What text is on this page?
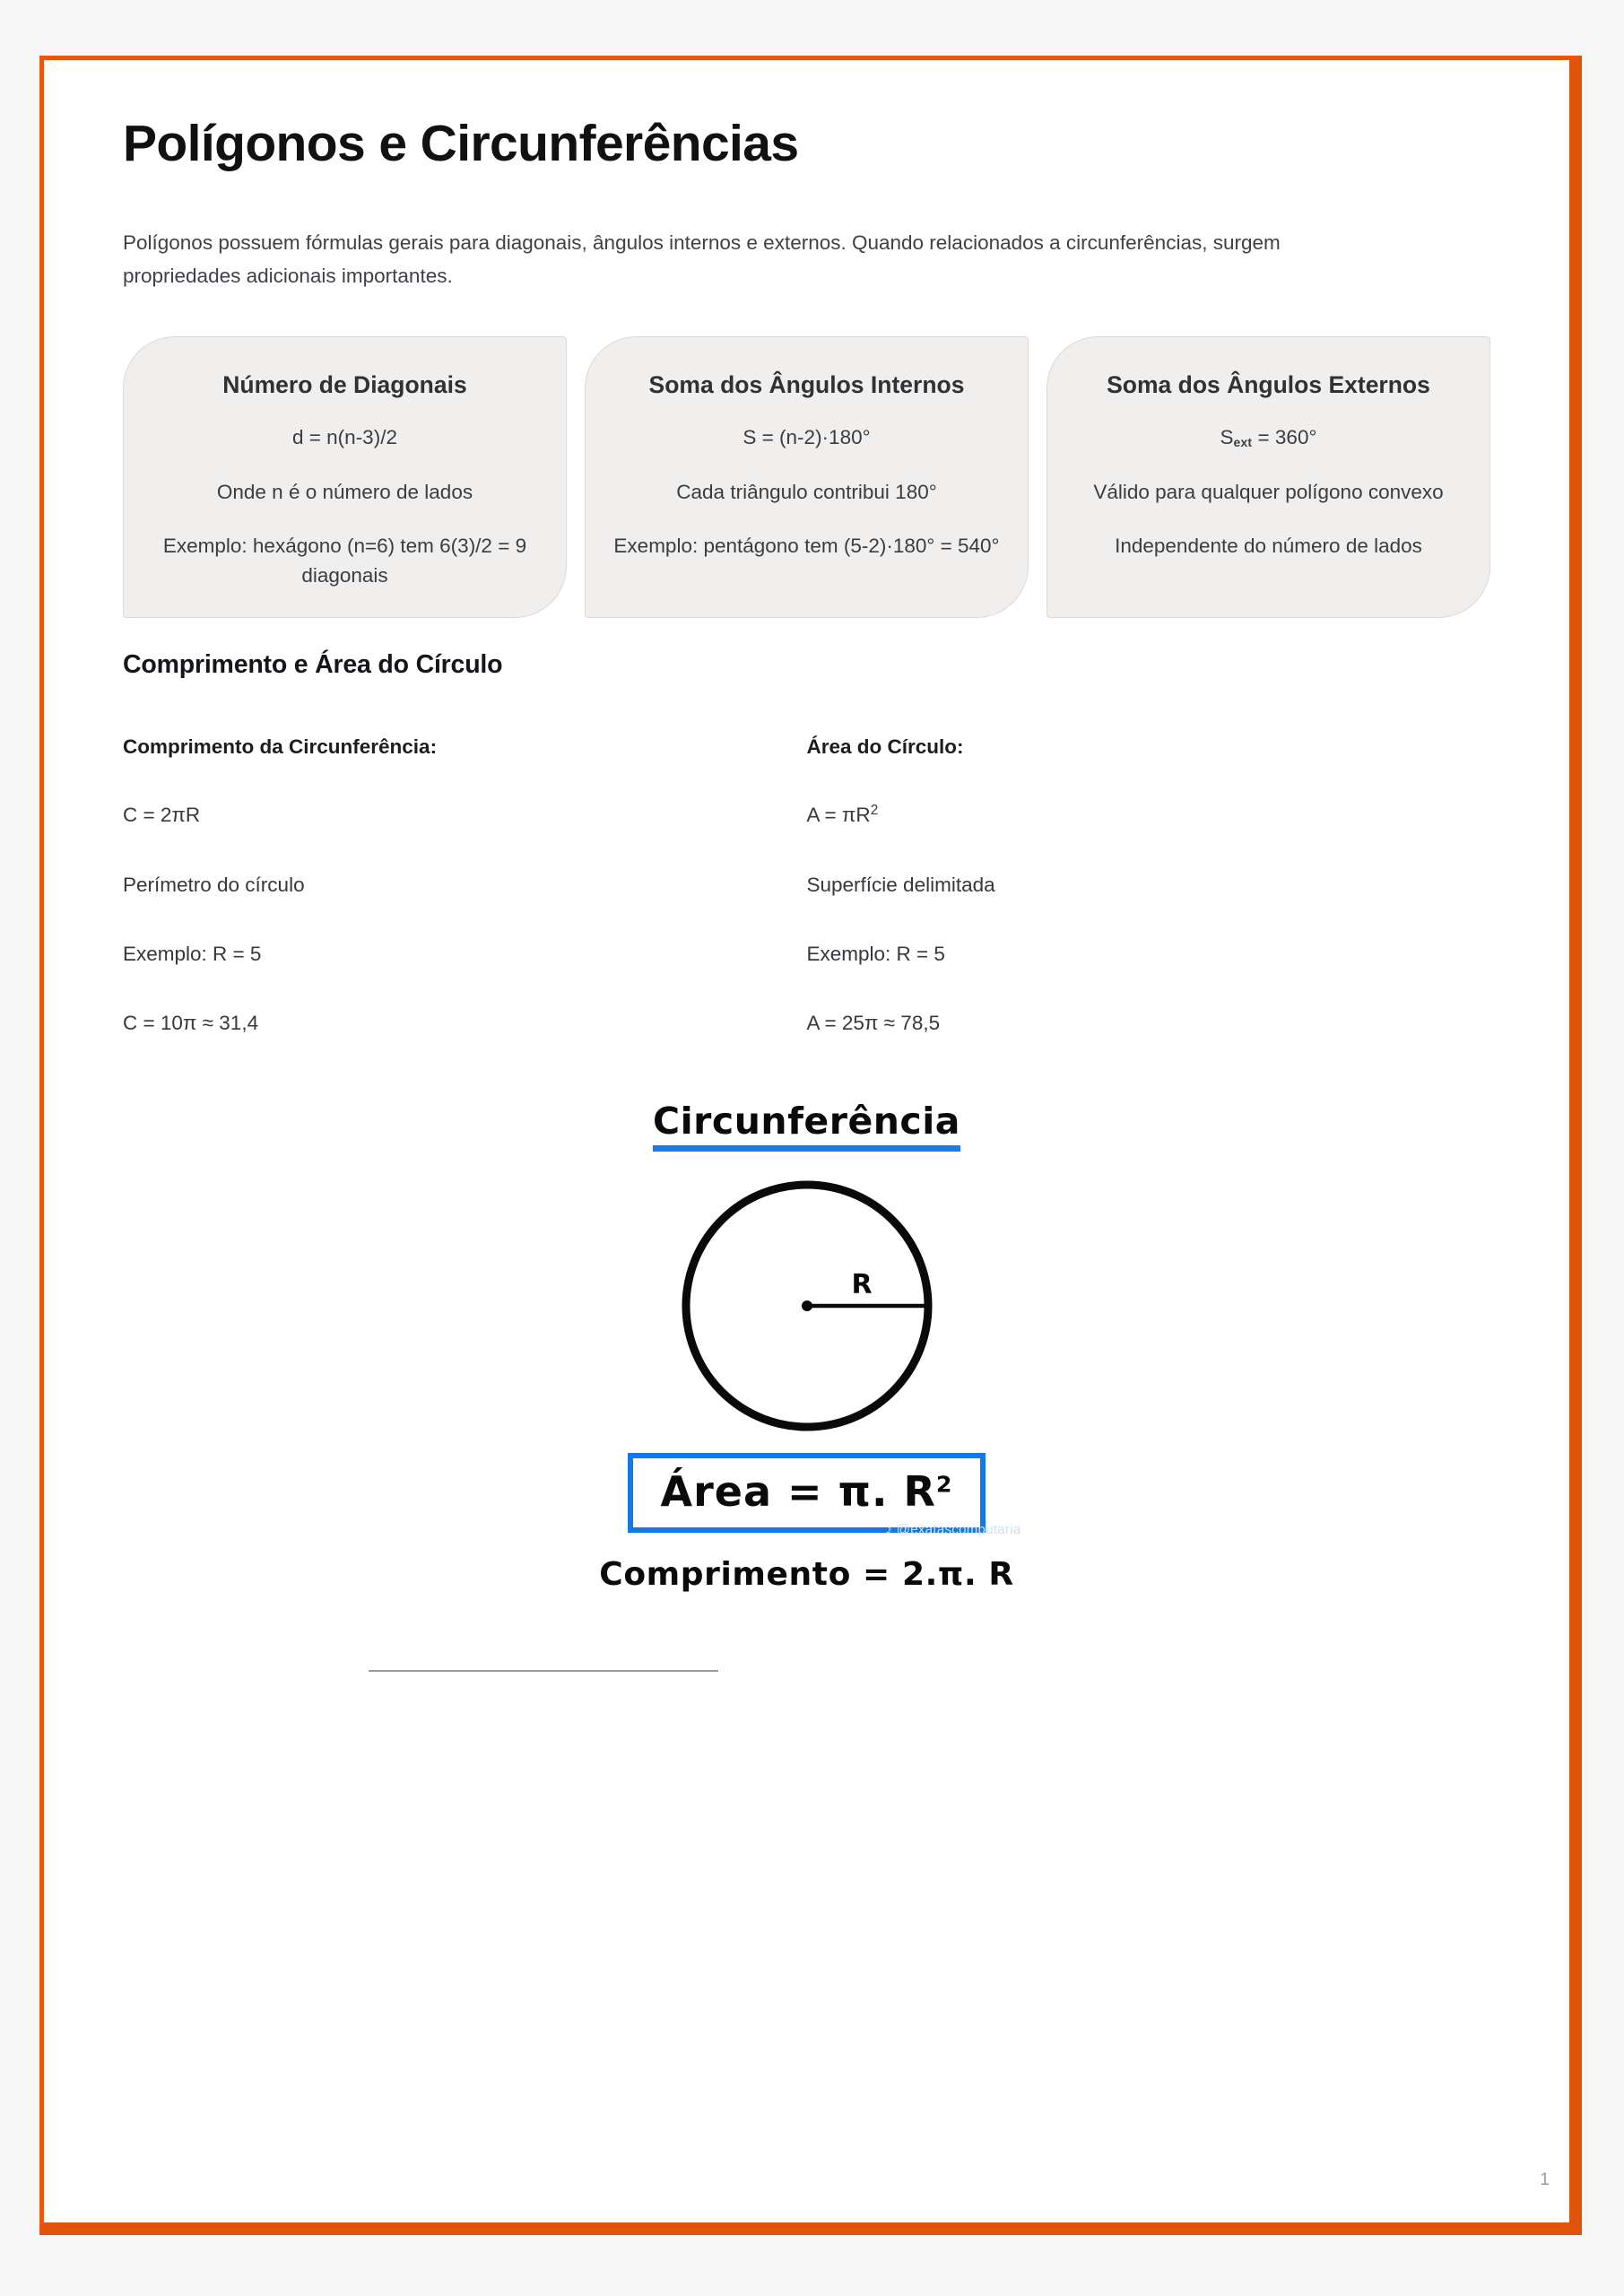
Polígonos e Circunferências

Polígonos possuem fórmulas gerais para diagonais, ângulos internos e externos. Quando relacionados a circunferências, surgem propriedades adicionais importantes.

Número de Diagonais
d = n(n-3)/2
Onde n é o número de lados
Exemplo: hexágono (n=6) tem 6(3)/2 = 9 diagonais
Soma dos Ângulos Internos
S = (n-2)·180°
Cada triângulo contribui 180°
Exemplo: pentágono tem (5-2)·180° = 540°
Soma dos Ângulos Externos
$S_{ext} = 360^\circ$
Válido para qualquer polígono convexo
Independente do número de lados
Comprimento e Área do Círculo
Comprimento da Circunferência:
C = 2πR
Perímetro do círculo
Exemplo: R = 5
C = 10π ≈ 31,4
Área do Círculo:
$A = \pi R^2$
Superfície delimitada
Exemplo: R = 5
A = 25π ≈ 78,5
Circunferência
R
Área = π. $R^2$
♪ @exatascomputaria
Comprimento = 2.π. R
1
